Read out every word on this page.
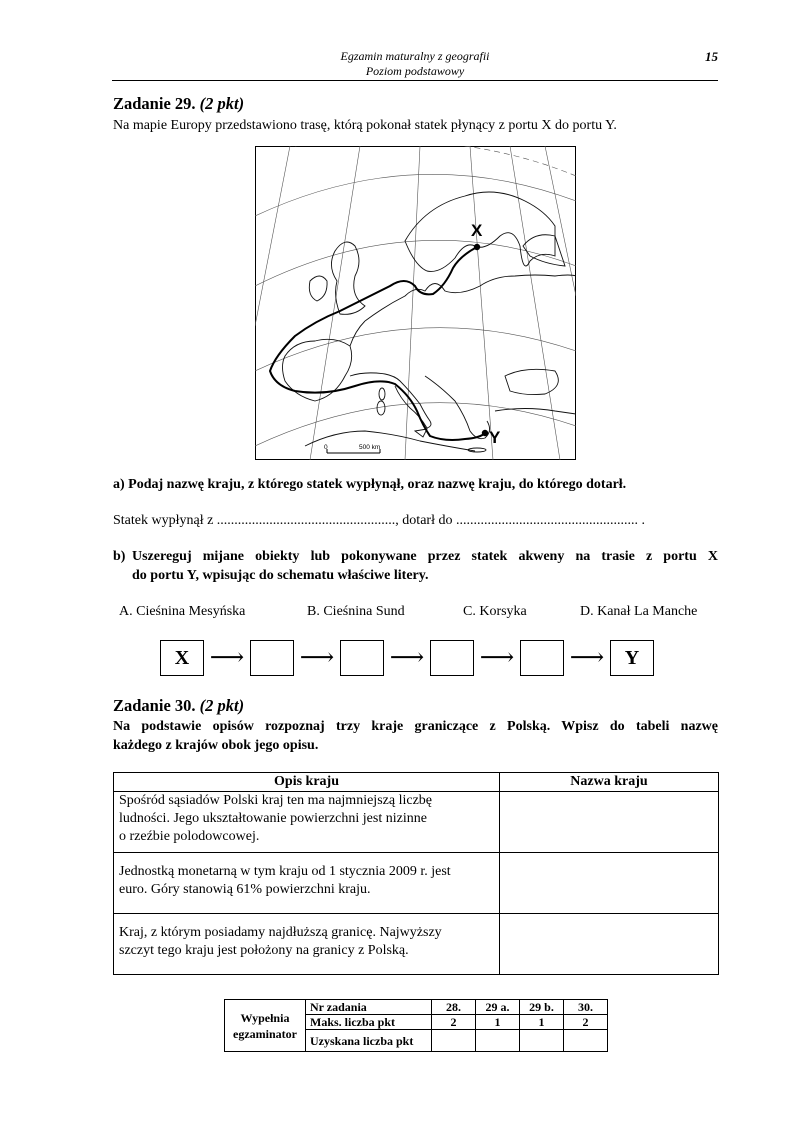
Egzamin maturalny z geografii
Poziom podstawowy
15
Zadanie 29. (2 pkt)
Na mapie Europy przedstawiono trasę, którą pokonał statek płynący z portu X do portu Y.
X
Y
0	500 km
a) Podaj nazwę kraju, z którego statek wypłynął, oraz nazwę kraju, do którego dotarł.
Statek wypłynął z ..................................................., dotarł do .................................................... .
b) Uszereguj mijane obiekty lub pokonywane przez statek akweny na trasie z portu X
do portu Y, wpisując do schematu właściwe litery.
A. Cieśnina Mesyńska	B. Cieśnina Sund	C. Korsyka	D. Kanał La Manche
X ⟶ ⟶ ⟶ ⟶ ⟶	Y
Zadanie 30. (2 pkt)
Na podstawie opisów rozpoznaj trzy kraje graniczące z Polską. Wpisz do tabeli nazwę
każdego z krajów obok jego opisu.
Opis kraju	Nazwa kraju

Spośród sąsiadów Polski kraj ten ma najmniejszą liczbę
ludności. Jego ukształtowanie powierzchni jest nizinne
o rzeźbie polodowcowej.	

Jednostką monetarną w tym kraju od 1 stycznia 2009 r. jest
euro. Góry stanowią 61% powierzchni kraju.	

Kraj, z którym posiadamy najdłuższą granicę. Najwyższy
szczyt tego kraju jest położony na granicy z Polską.	

Wypełnia
egzaminator	Nr zadania	28.	29 a.	29 b.	30.
	Maks. liczba pkt	2	1	1	2
	Uzyskana liczba pkt				
